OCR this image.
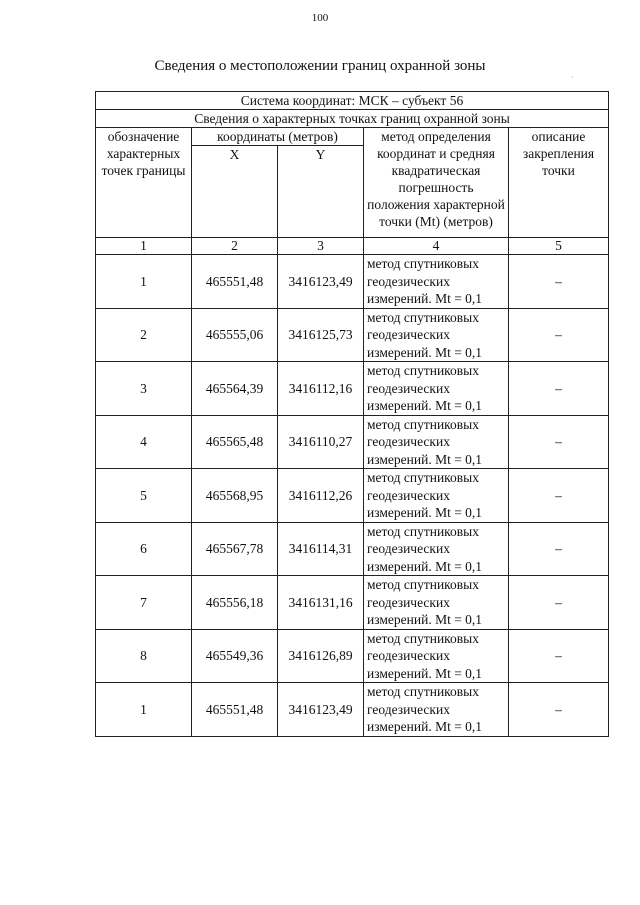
100
Сведения о местоположении границ охранной зоны
·
Система координат: МСК – субъект 56				
Сведения о характерных точках границ охранной зоны				
обозначение характерных точек границы	координаты (метров)		метод определения координат и средняя квадратическая погрешность положения характерной точки (Mt) (метров)	описание закрепления точки
	X	Y		
1	2	3	4	5
1	465551,48	3416123,49	метод спутниковых геодезических измерений. Mt = 0,1	–
2	465555,06	3416125,73	метод спутниковых геодезических измерений. Mt = 0,1	–
3	465564,39	3416112,16	метод спутниковых геодезических измерений. Mt = 0,1	–
4	465565,48	3416110,27	метод спутниковых геодезических измерений. Mt = 0,1	–
5	465568,95	3416112,26	метод спутниковых геодезических измерений. Mt = 0,1	–
6	465567,78	3416114,31	метод спутниковых геодезических измерений. Mt = 0,1	–
7	465556,18	3416131,16	метод спутниковых геодезических измерений. Mt = 0,1	–
8	465549,36	3416126,89	метод спутниковых геодезических измерений. Mt = 0,1	–
1	465551,48	3416123,49	метод спутниковых геодезических измерений. Mt = 0,1	–
